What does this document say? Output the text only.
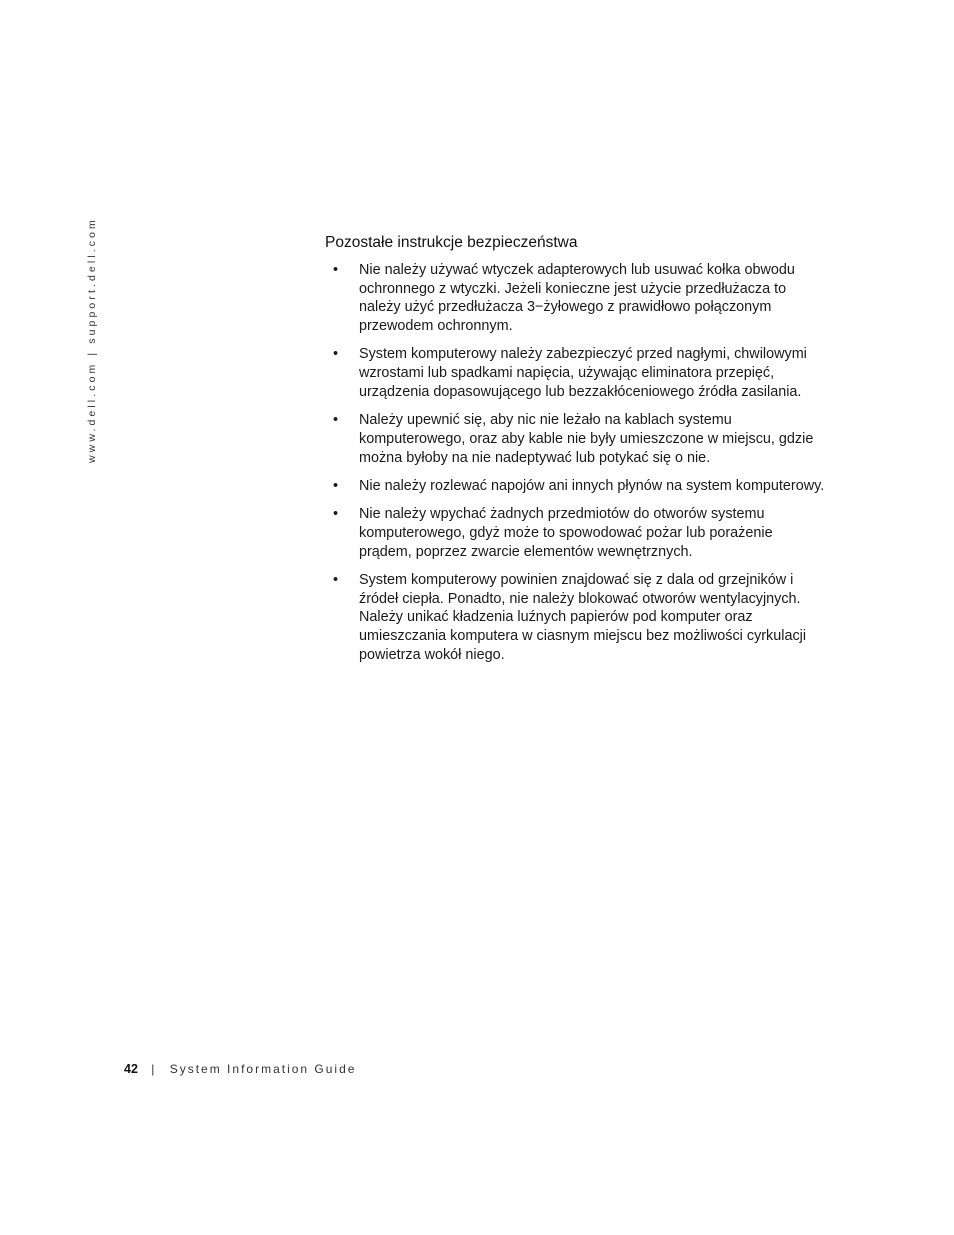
www.dell.com | support.dell.com	Pozostałe instrukcje bezpieczeństwa
• Nie należy używać wtyczek adapterowych lub usuwać kołka obwodu ochronnego z wtyczki. Jeżeli konieczne jest użycie przedłużacza to należy użyć przedłużacza 3−żyłowego z prawidłowo połączonym przewodem ochronnym.
• System komputerowy należy zabezpieczyć przed nagłymi, chwilowymi wzrostami lub spadkami napięcia, używając eliminatora przepięć, urządzenia dopasowującego lub bezzakłóceniowego źródła zasilania.
• Należy upewnić się, aby nic nie leżało na kablach systemu komputerowego, oraz aby kable nie były umieszczone w miejscu, gdzie można byłoby na nie nadeptywać lub potykać się o nie.
• Nie należy rozlewać napojów ani innych płynów na system komputerowy.
• Nie należy wpychać żadnych przedmiotów do otworów systemu komputerowego, gdyż może to spowodować pożar lub porażenie prądem, poprzez zwarcie elementów wewnętrznych.
• System komputerowy powinien znajdować się z dala od grzejników i źródeł ciepła. Ponadto, nie należy blokować otworów wentylacyjnych. Należy unikać kładzenia luźnych papierów pod komputer oraz umieszczania komputera w ciasnym miejscu bez możliwości cyrkulacji powietrza wokół niego.
42 | System Information Guide
